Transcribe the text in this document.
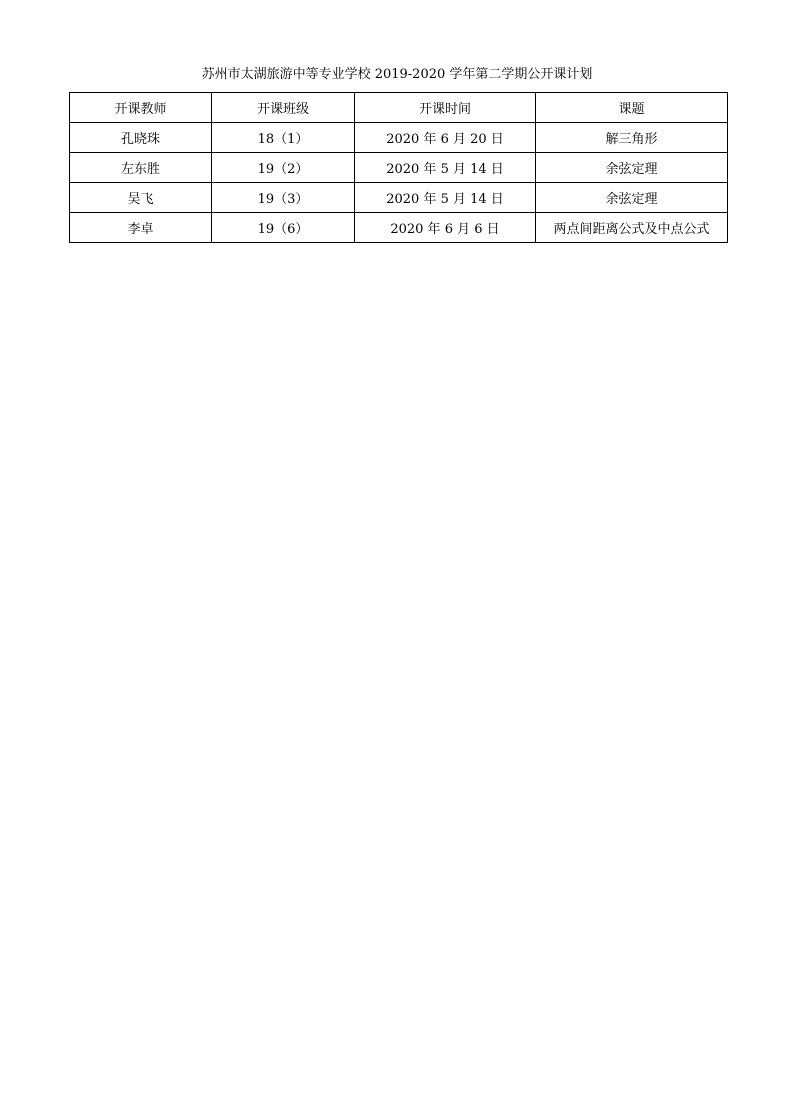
苏州市太湖旅游中等专业学校 2019-2020 学年第二学期公开课计划
开课教师	开课班级	开课时间	课题
孔晓珠	18（1）	2020 年 6 月 20 日	解三角形
左东胜	19（2）	2020 年 5 月 14 日	余弦定理
吴飞	19（3）	2020 年 5 月 14 日	余弦定理
李卓	19（6）	2020 年 6 月 6 日	两点间距离公式及中点公式
